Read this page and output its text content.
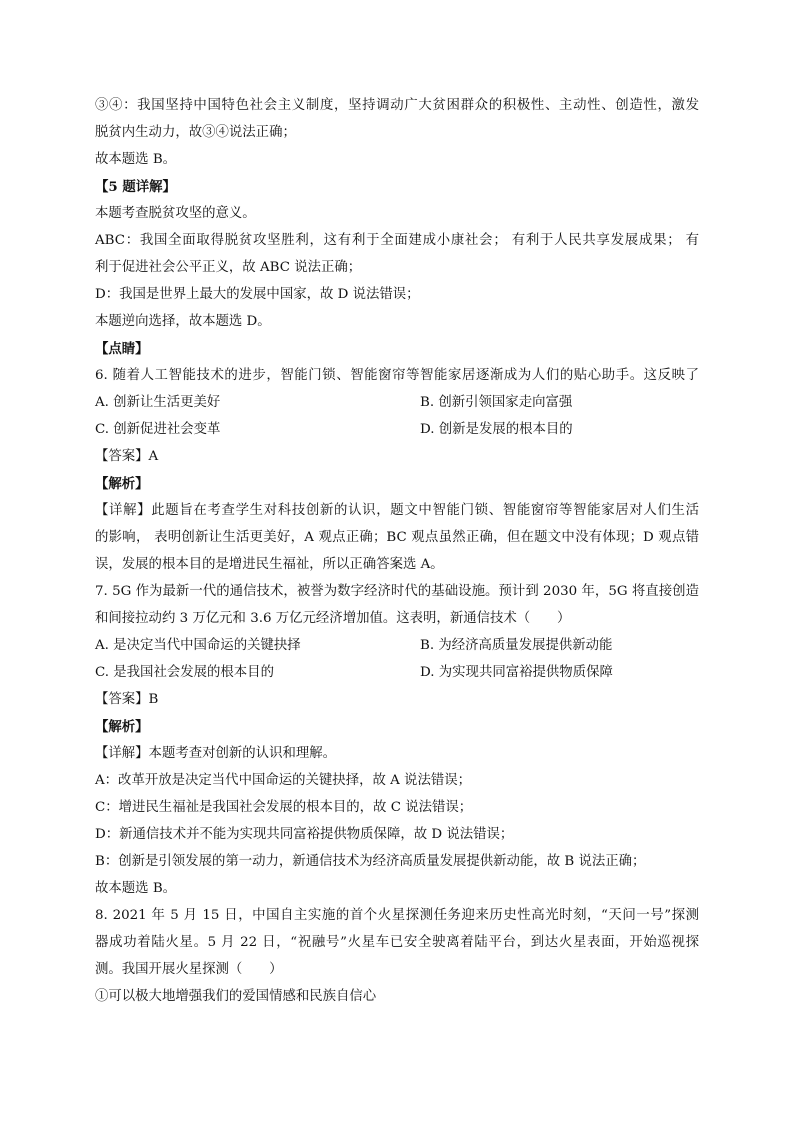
③④：我国坚持中国特色社会主义制度，坚持调动广大贫困群众的积极性、主动性、创造性，激发
脱贫内生动力，故③④说法正确；
故本题选 B。
【5 题详解】
本题考查脱贫攻坚的意义。
ABC：我国全面取得脱贫攻坚胜利，这有利于全面建成小康社会； 有利于人民共享发展成果； 有
利于促进社会公平正义，故 ABC 说法正确；
D：我国是世界上最大的发展中国家，故 D 说法错误；
本题逆向选择，故本题选 D。
【点睛】
6. 随着人工智能技术的进步，智能门锁、智能窗帘等智能家居逐渐成为人们的贴心助手。这反映了
A. 创新让生活更美好	B. 创新引领国家走向富强
C. 创新促进社会变革	D. 创新是发展的根本目的
【答案】A
【解析】
【详解】此题旨在考查学生对科技创新的认识，题文中智能门锁、智能窗帘等智能家居对人们生活
的影响， 表明创新让生活更美好，A 观点正确；BC 观点虽然正确，但在题文中没有体现；D 观点错
误，发展的根本目的是增进民生福祉，所以正确答案选 A。
7. 5G 作为最新一代的通信技术，被誉为数字经济时代的基础设施。预计到 2030 年，5G 将直接创造
和间接拉动约 3 万亿元和 3.6 万亿元经济增加值。这表明，新通信技术（　　）
A. 是决定当代中国命运的关键抉择	B. 为经济高质量发展提供新动能
C. 是我国社会发展的根本目的	D. 为实现共同富裕提供物质保障
【答案】B
【解析】
【详解】本题考查对创新的认识和理解。
A：改革开放是决定当代中国命运的关键抉择，故 A 说法错误；
C：增进民生福祉是我国社会发展的根本目的，故 C 说法错误；
D：新通信技术并不能为实现共同富裕提供物质保障，故 D 说法错误；
B：创新是引领发展的第一动力，新通信技术为经济高质量发展提供新动能，故 B 说法正确；
故本题选 B。
8. 2021 年 5 月 15 日，中国自主实施的首个火星探测任务迎来历史性高光时刻，“天问一号”探测
器成功着陆火星。5 月 22 日，“祝融号”火星车已安全驶离着陆平台，到达火星表面，开始巡视探
测。我国开展火星探测（　　）
①可以极大地增强我们的爱国情感和民族自信心
